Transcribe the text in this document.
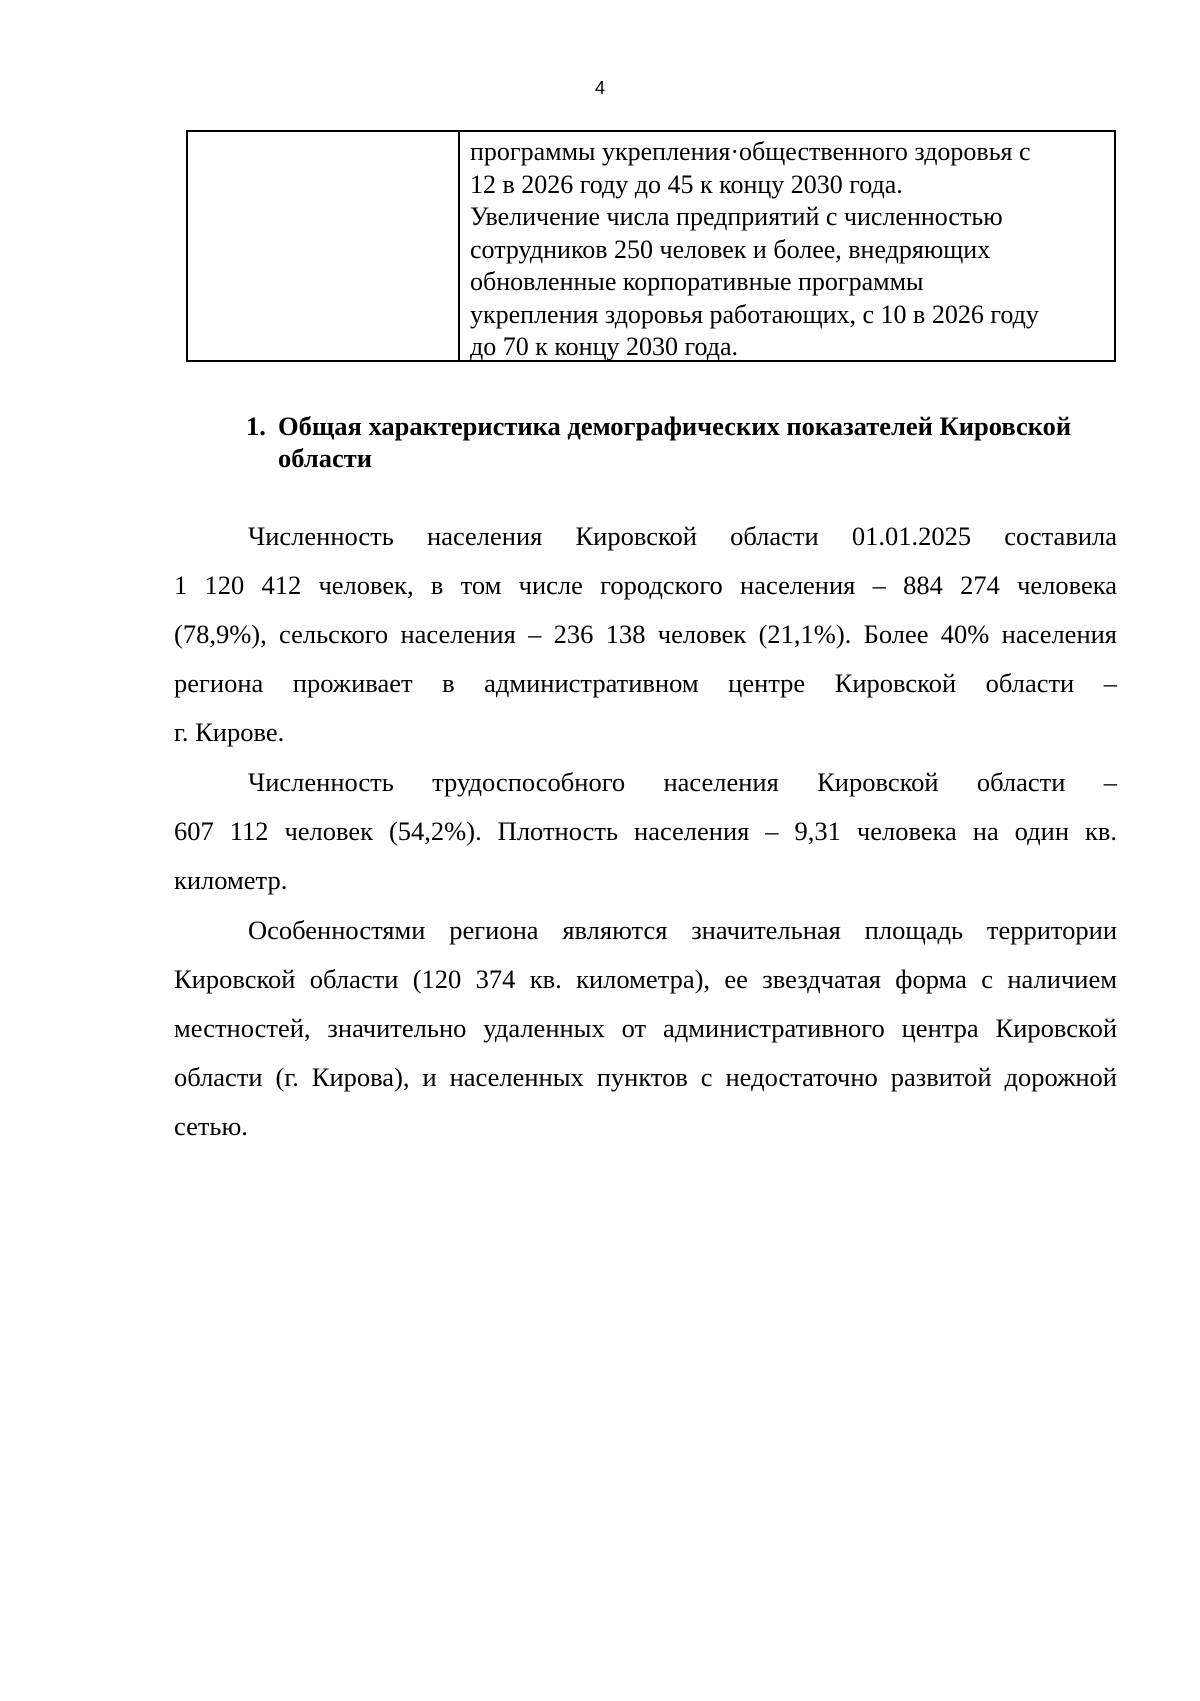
4
программы укрепления·общественного здоровья с
12 в 2026 году до 45 к концу 2030 года.
Увеличение числа предприятий с численностью
сотрудников 250 человек и более, внедряющих
обновленные корпоративные программы
укрепления здоровья работающих, с 10 в 2026 году
до 70 к концу 2030 года.
1. Общая характеристика демографических показателей Кировской
области
Численность населения Кировской области 01.01.2025 составила
1 120 412 человек, в том числе городского населения – 884 274 человека
(78,9%), сельского населения – 236 138 человек (21,1%). Более 40% населения
региона проживает в административном центре Кировской области –
г. Кирове.
Численность трудоспособного населения Кировской области –
607 112 человек (54,2%). Плотность населения – 9,31 человека на один кв.
километр.
Особенностями региона являются значительная площадь территории
Кировской области (120 374 кв. километра), ее звездчатая форма с наличием
местностей, значительно удаленных от административного центра Кировской
области (г. Кирова), и населенных пунктов с недостаточно развитой дорожной
сетью.
